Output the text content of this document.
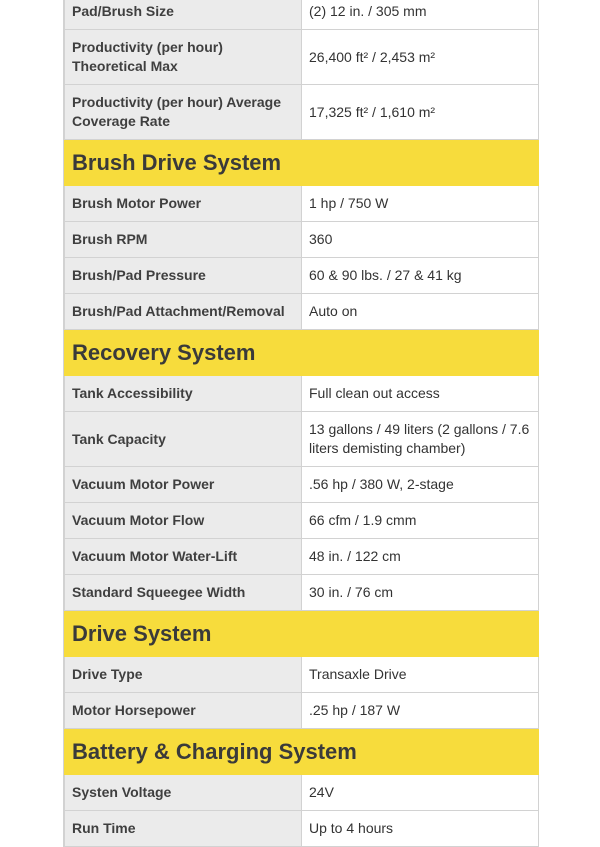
Pad/Brush Size	(2) 12 in. / 305 mm
Productivity (per hour) Theoretical Max	26,400 ft² / 2,453 m²
Productivity (per hour) Average Coverage Rate	17,325 ft² / 1,610 m²
Brush Drive System	
Brush Motor Power	1 hp / 750 W
Brush RPM	360
Brush/Pad Pressure	60 & 90 lbs. / 27 & 41 kg
Brush/Pad Attachment/Removal	Auto on
Recovery System	
Tank Accessibility	Full clean out access
Tank Capacity	13 gallons / 49 liters (2 gallons / 7.6 liters demisting chamber)
Vacuum Motor Power	.56 hp / 380 W, 2-stage
Vacuum Motor Flow	66 cfm / 1.9 cmm
Vacuum Motor Water-Lift	48 in. / 122 cm
Standard Squeegee Width	30 in. / 76 cm
Drive System	
Drive Type	Transaxle Drive
Motor Horsepower	.25 hp / 187 W
Battery & Charging System	
Systen Voltage	24V
Run Time	Up to 4 hours
